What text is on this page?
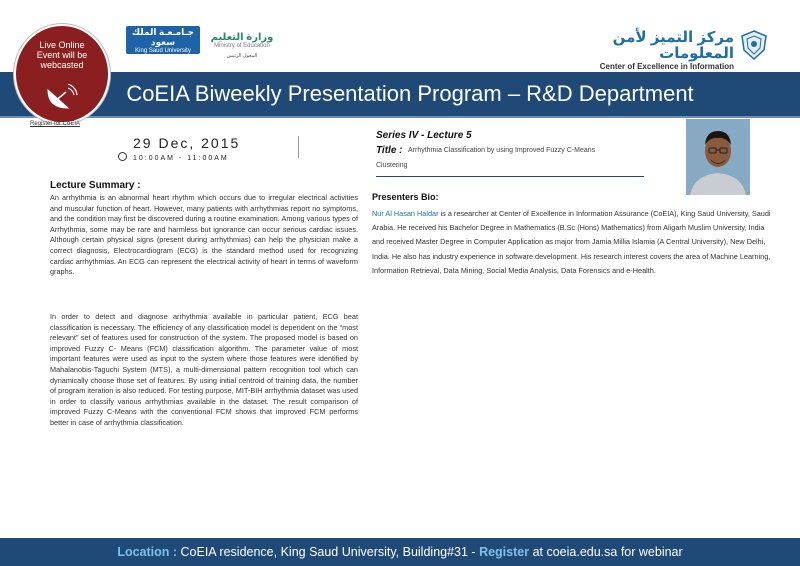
جـامـعـة الملك سعود
King Saud University
وزارة التعليم
Ministry of Education
المعول الرئيس
مركز التميز لأمن المعلومات
Center of Excellence in Information
CoEIA Biweekly Presentation Program – R&D Department
Live Online
Event will be
webcasted
Register for CoEIA
29 Dec, 2015
10:00AM - 11:00AM
Lecture Summary :
An arrhythmia is an abnormal heart rhythm which occurs due to irregular electrical activities and muscular function of heart. However, many patients with arrhythmias report no symptoms, and the condition may first be discovered during a routine examination. Among various types of Arrhythmia, some may be rare and harmless but ignorance can occur serious cardiac issues. Although certain physical signs (present during arrhythmias) can help the physician make a correct diagnosis, Electrocardiogram (ECG) is the standard method used for recognizing cardiac arrhythmias. An ECG can represent the electrical activity of heart in terms of waveform graphs.
In order to detect and diagnose arrhythmia available in particular patient, ECG beat classification is necessary. The efficiency of any classification model is dependent on the “most relevant” set of features used for construction of the system. The proposed model is based on improved Fuzzy C- Means (FCM) classification algorithm. The parameter value of most important features were used as input to the system where those features were identified by Mahalanobis-Taguchi System (MTS), a multi-dimensional pattern recognition tool which can dynamically choose those set of features. By using initial centroid of training data, the number of program iteration is also reduced. For testing purpose, MIT-BIH arrhythmia dataset was used in order to classify various arrhythmias available in the dataset. The result comparison of improved Fuzzy C-Means with the conventional FCM shows that improved FCM performs better in case of arrhythmia classification.
Series IV - Lecture 5
Title : Arrhythmia Classification by using Improved Fuzzy C-Means
Clustering
Presenters Bio:
Nur Al Hasan Haldar is a researcher at Center of Excellence in Information Assurance (CoEIA), King Saud University, Saudi Arabia. He received his Bachelor Degree in Mathematics (B.Sc (Hons) Mathematics) from Aligarh Muslim University, India and received Master Degree in Computer Application as major from Jamia Millia Islamia (A Central University), New Delhi, India. He also has industry experience in software development. His research interest covers the area of Machine Learning, Information Retrieval, Data Mining, Social Media Analysis, Data Forensics and e-Health.
Location : CoEIA residence, King Saud University, Building#31 - Register at coeia.edu.sa for webinar
